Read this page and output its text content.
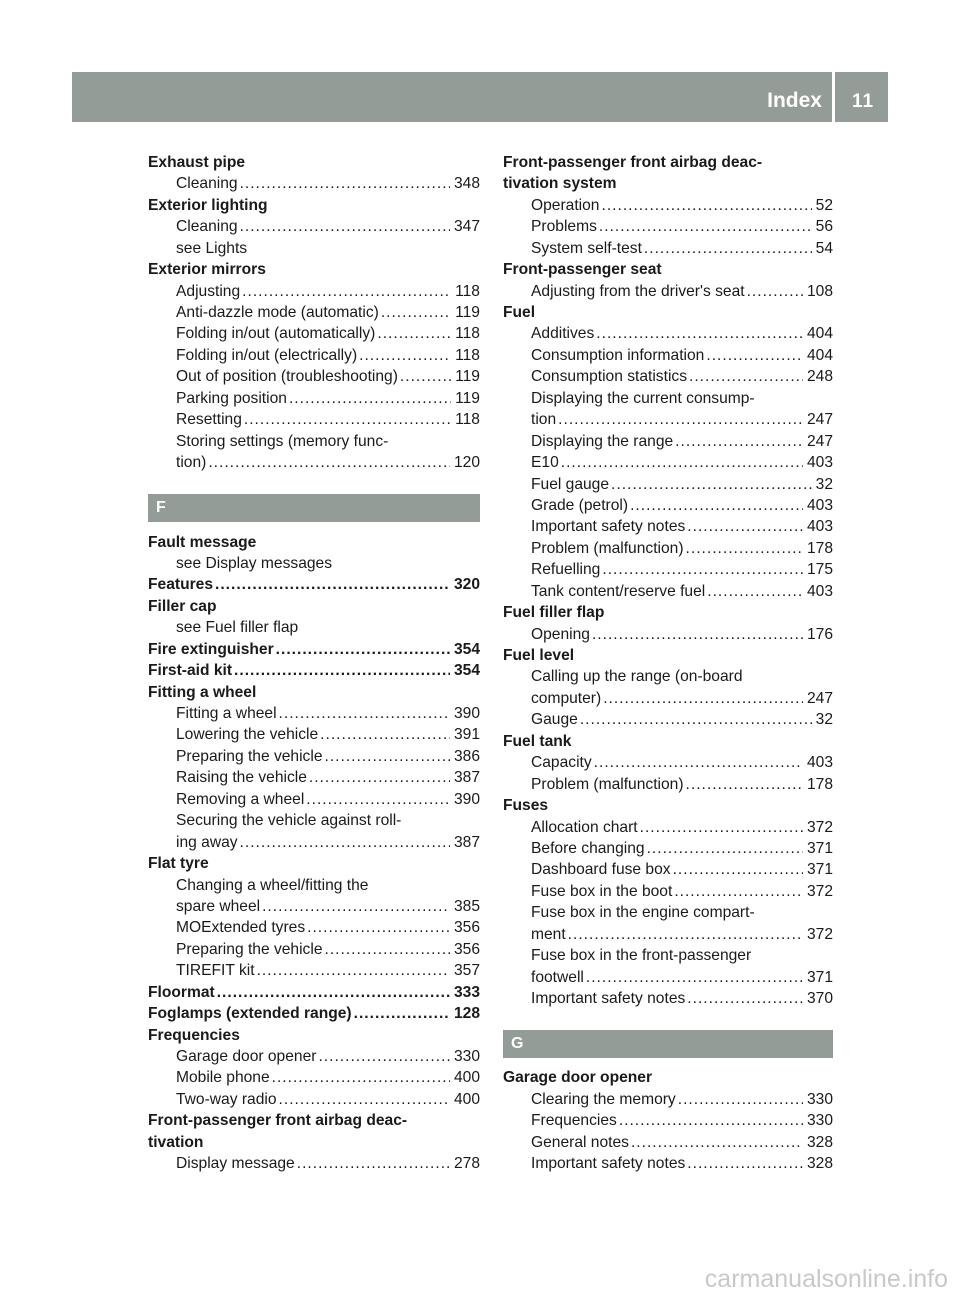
Index 11
Exhaust pipe
Cleaning .....	348
Exterior lighting
Cleaning .....	347
see Lights
Exterior mirrors
Adjusting .....	118
Anti-dazzle mode (automatic) .....	119
Folding in/out (automatically) .....	118
Folding in/out (electrically) .....	118
Out of position (troubleshooting) .....	119
Parking position .....	119
Resetting .....	118
Storing settings (memory func-
tion) .....	120
F
Fault message
see Display messages
Features .....	320
Filler cap
see Fuel filler flap
Fire extinguisher .....	354
First-aid kit .....	354
Fitting a wheel
Fitting a wheel .....	390
Lowering the vehicle .....	391
Preparing the vehicle .....	386
Raising the vehicle .....	387
Removing a wheel .....	390
Securing the vehicle against roll-
ing away .....	387
Flat tyre
Changing a wheel/fitting the
spare wheel .....	385
MOExtended tyres .....	356
Preparing the vehicle .....	356
TIREFIT kit .....	357
Floormat .....	333
Foglamps (extended range) .....	128
Frequencies
Garage door opener .....	330
Mobile phone .....	400
Two-way radio .....	400
Front-passenger front airbag deac-
tivation
Display message .....	278
Front-passenger front airbag deac-
tivation system
Operation .....	52
Problems .....	56
System self-test .....	54
Front-passenger seat
Adjusting from the driver's seat .....	108
Fuel
Additives .....	404
Consumption information .....	404
Consumption statistics .....	248
Displaying the current consump-
tion .....	247
Displaying the range .....	247
E10 .....	403
Fuel gauge .....	32
Grade (petrol) .....	403
Important safety notes .....	403
Problem (malfunction) .....	178
Refuelling .....	175
Tank content/reserve fuel .....	403
Fuel filler flap
Opening .....	176
Fuel level
Calling up the range (on-board
computer) .....	247
Gauge .....	32
Fuel tank
Capacity .....	403
Problem (malfunction) .....	178
Fuses
Allocation chart .....	372
Before changing .....	371
Dashboard fuse box .....	371
Fuse box in the boot .....	372
Fuse box in the engine compart-
ment .....	372
Fuse box in the front-passenger
footwell .....	371
Important safety notes .....	370
G
Garage door opener
Clearing the memory .....	330
Frequencies .....	330
General notes .....	328
Important safety notes .....	328
carmanualsonline.info
